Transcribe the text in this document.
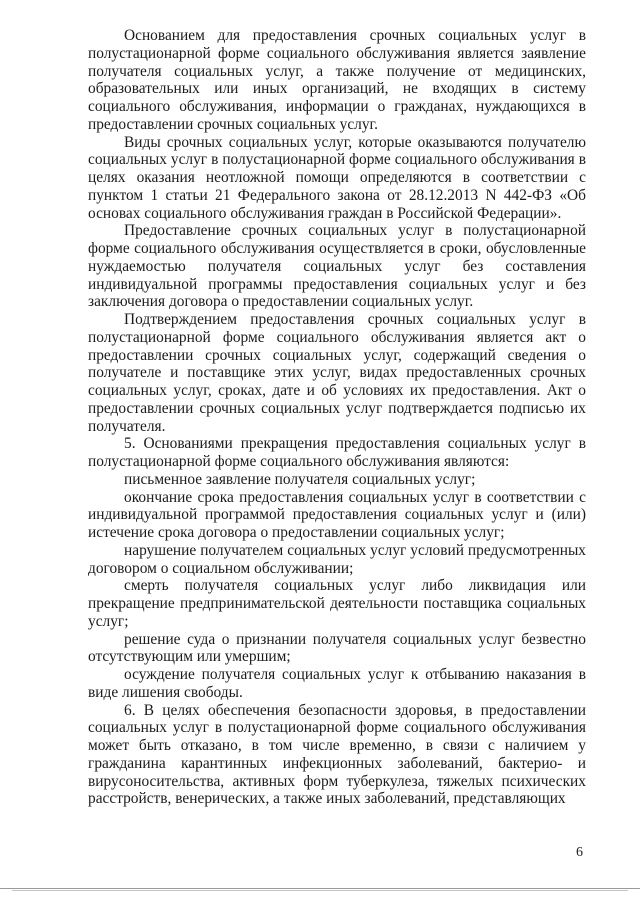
Основанием для предоставления срочных социальных услуг в полустационарной форме социального обслуживания является заявление получателя социальных услуг, а также получение от медицинских, образовательных или иных организаций, не входящих в систему социального обслуживания, информации о гражданах, нуждающихся в предоставлении срочных социальных услуг.

Виды срочных социальных услуг, которые оказываются получателю социальных услуг в полустационарной форме социального обслуживания в целях оказания неотложной помощи определяются в соответствии с пунктом 1 статьи 21 Федерального закона от 28.12.2013 N 442-ФЗ «Об основах социального обслуживания граждан в Российской Федерации».

Предоставление срочных социальных услуг в полустационарной форме социального обслуживания осуществляется в сроки, обусловленные нуждаемостью получателя социальных услуг без составления индивидуальной программы предоставления социальных услуг и без заключения договора о предоставлении социальных услуг.

Подтверждением предоставления срочных социальных услуг в полустационарной форме социального обслуживания является акт о предоставлении срочных социальных услуг, содержащий сведения о получателе и поставщике этих услуг, видах предоставленных срочных социальных услуг, сроках, дате и об условиях их предоставления. Акт о предоставлении срочных социальных услуг подтверждается подписью их получателя.

5. Основаниями прекращения предоставления социальных услуг в полустационарной форме социального обслуживания являются:

письменное заявление получателя социальных услуг;

окончание срока предоставления социальных услуг в соответствии с индивидуальной программой предоставления социальных услуг и (или) истечение срока договора о предоставлении социальных услуг;

нарушение получателем социальных услуг условий предусмотренных договором о социальном обслуживании;

смерть получателя социальных услуг либо ликвидация или прекращение предпринимательской деятельности поставщика социальных услуг;

решение суда о признании получателя социальных услуг безвестно отсутствующим или умершим;

осуждение получателя социальных услуг к отбыванию наказания в виде лишения свободы.

6. В целях обеспечения безопасности здоровья, в предоставлении социальных услуг в полустационарной форме социального обслуживания может быть отказано, в том числе временно, в связи с наличием у гражданина карантинных инфекционных заболеваний, бактерио- и вирусоносительства, активных форм туберкулеза, тяжелых психических расстройств, венерических, а также иных заболеваний, представляющих

6
